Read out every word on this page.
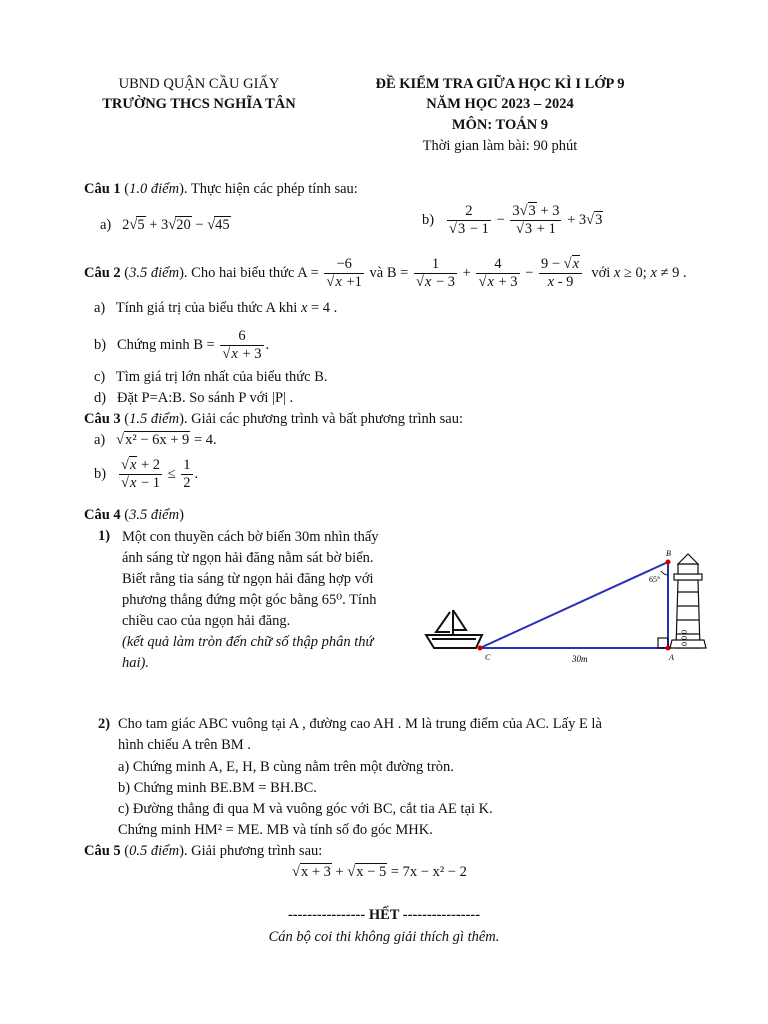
UBND QUẬN CẦU GIẤY
TRƯỜNG THCS NGHĨA TÂN
ĐỀ KIỂM TRA GIỮA HỌC KÌ I LỚP 9
NĂM HỌC 2023 – 2024
MÔN: TOÁN 9
Thời gian làm bài: 90 phút
Câu 1 (1.0 điểm). Thực hiện các phép tính sau:
a)   2√5 + 3√20 − √45	$b) \frac{2}{√3 - 1} - \frac{3√3 + 3}{√3 + 1} + 3√3$
Câu 2 (3.5 điểm). Cho hai biểu thức $A = \frac{-6}{√x +1}$ và $B = \frac{1}{√x - 3} + \frac{4}{√x + 3} - \frac{9 - √x}{x - 9}$ với x ≥ 0; x ≠ 9 .
a)   Tính giá trị của biểu thức A khi x = 4 .
b)   Chứng minh $B = \frac{6}{√x + 3}$ .
c)   Tìm giá trị lớn nhất của biểu thức B.
d)   Đặt P=A:B. So sánh P với |P| .
Câu 3 (1.5 điểm). Giải các phương trình và bất phương trình sau:
a)   √x² − 6x + 9 = 4.
$b) \frac{√x + 2}{√x - 1} \le \frac{1}{2}$ .
Câu 4 (3.5 điểm)
1) Một con thuyền cách bờ biển 30m nhìn thấy ánh sáng từ ngọn hải đăng nằm sát bờ biển. Biết rằng tia sáng từ ngọn hải đăng hợp với phương thẳng đứng một góc bằng 65⁰. Tính chiều cao của ngọn hải đăng.
(kết quả làm tròn đến chữ số thập phân thứ hai).	C	A
B
65°
30m
0 0 0
2) Cho tam giác ABC vuông tại A , đường cao AH . M là trung điểm của AC. Lấy E là
hình chiếu A trên BM .
a) Chứng minh A, E, H, B cùng nằm trên một đường tròn.
b) Chứng minh BE.BM = BH.BC.
c) Đường thẳng đi qua M và vuông góc với BC, cắt tia AE tại K.
Chứng minh HM² = ME. MB và tính số đo góc MHK.
Câu 5 (0.5 điểm). Giải phương trình sau:
√x + 3 + √x − 5 = 7x − x² − 2
---------------- HẾT ----------------
Cán bộ coi thi không giải thích gì thêm.
